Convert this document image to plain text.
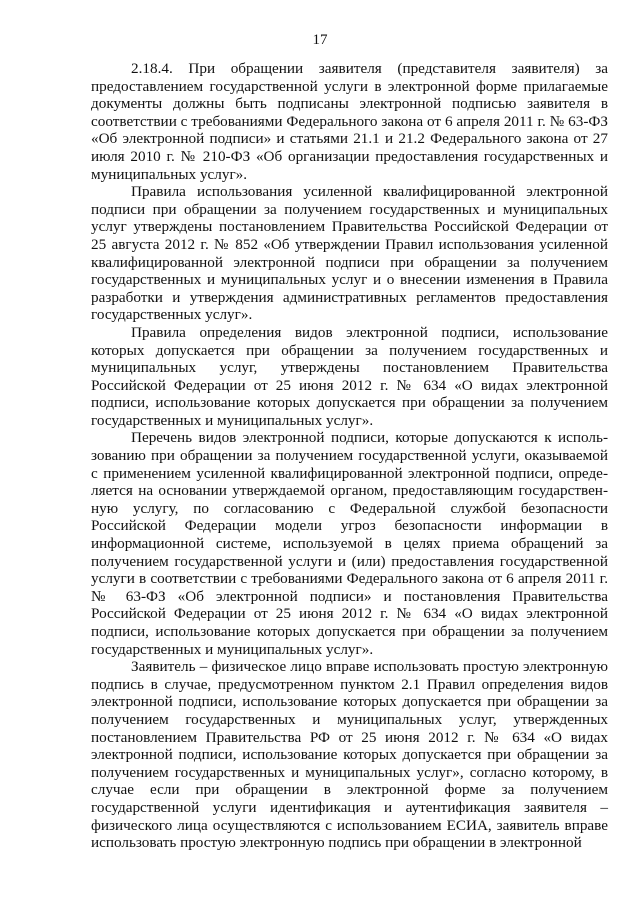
17

2.18.4. При обращении заявителя (представителя заявителя) за предоставлением государственной услуги в электронной форме прилагаемые документы должны быть подписаны электронной подписью заявителя в соответствии с требованиями Федерального закона от 6 апреля 2011 г. № 63-ФЗ «Об электронной подписи» и статьями 21.1 и 21.2 Федерального закона от 27 июля 2010 г. № 210-ФЗ «Об организации предоставления государственных и муниципальных услуг».

Правила использования усиленной квалифицированной электронной подписи при обращении за получением государственных и муниципальных услуг утверждены постановлением Правительства Российской Федерации от 25 августа 2012 г. № 852 «Об утверждении Правил использования усиленной квалифицированной электронной подписи при обращении за получением государственных и муниципальных услуг и о внесении изменения в Правила разработки и утверждения административных регламентов предоставления государственных услуг».

Правила определения видов электронной подписи, использование которых допускается при обращении за получением государственных и муниципальных услуг, утверждены постановлением Правительства Российской Федерации от 25 июня 2012 г. № 634 «О видах электронной подписи, использование которых допускается при обращении за получением государственных и муниципальных услуг».

Перечень видов электронной подписи, которые допускаются к использованию при обращении за получением государственной услуги, оказываемой с применением усиленной квалифицированной электронной подписи, определяется на основании утверждаемой органом, предоставляющим государственную услугу, по согласованию с Федеральной службой безопасности Российской Федерации модели угроз безопасности информации в информационной системе, используемой в целях приема обращений за получением государственной услуги и (или) предоставления государственной услуги в соответствии с требованиями Федерального закона от 6 апреля 2011 г. № 63-ФЗ «Об электронной подписи» и постановления Правительства Российской Федерации от 25 июня 2012 г. № 634 «О видах электронной подписи, использование которых допускается при обращении за получением государственных и муниципальных услуг».

Заявитель – физическое лицо вправе использовать простую электронную подпись в случае, предусмотренном пунктом 2.1 Правил определения видов электронной подписи, использование которых допускается при обращении за получением государственных и муниципальных услуг, утвержденных постановлением Правительства РФ от 25 июня 2012 г. № 634 «О видах электронной подписи, использование которых допускается при обращении за получением государственных и муниципальных услуг», согласно которому, в случае если при обращении в электронной форме за получением государственной услуги идентификация и аутентификация заявителя – физического лица осуществляются с использованием ЕСИА, заявитель вправе использовать простую электронную подпись при обращении в электронной
